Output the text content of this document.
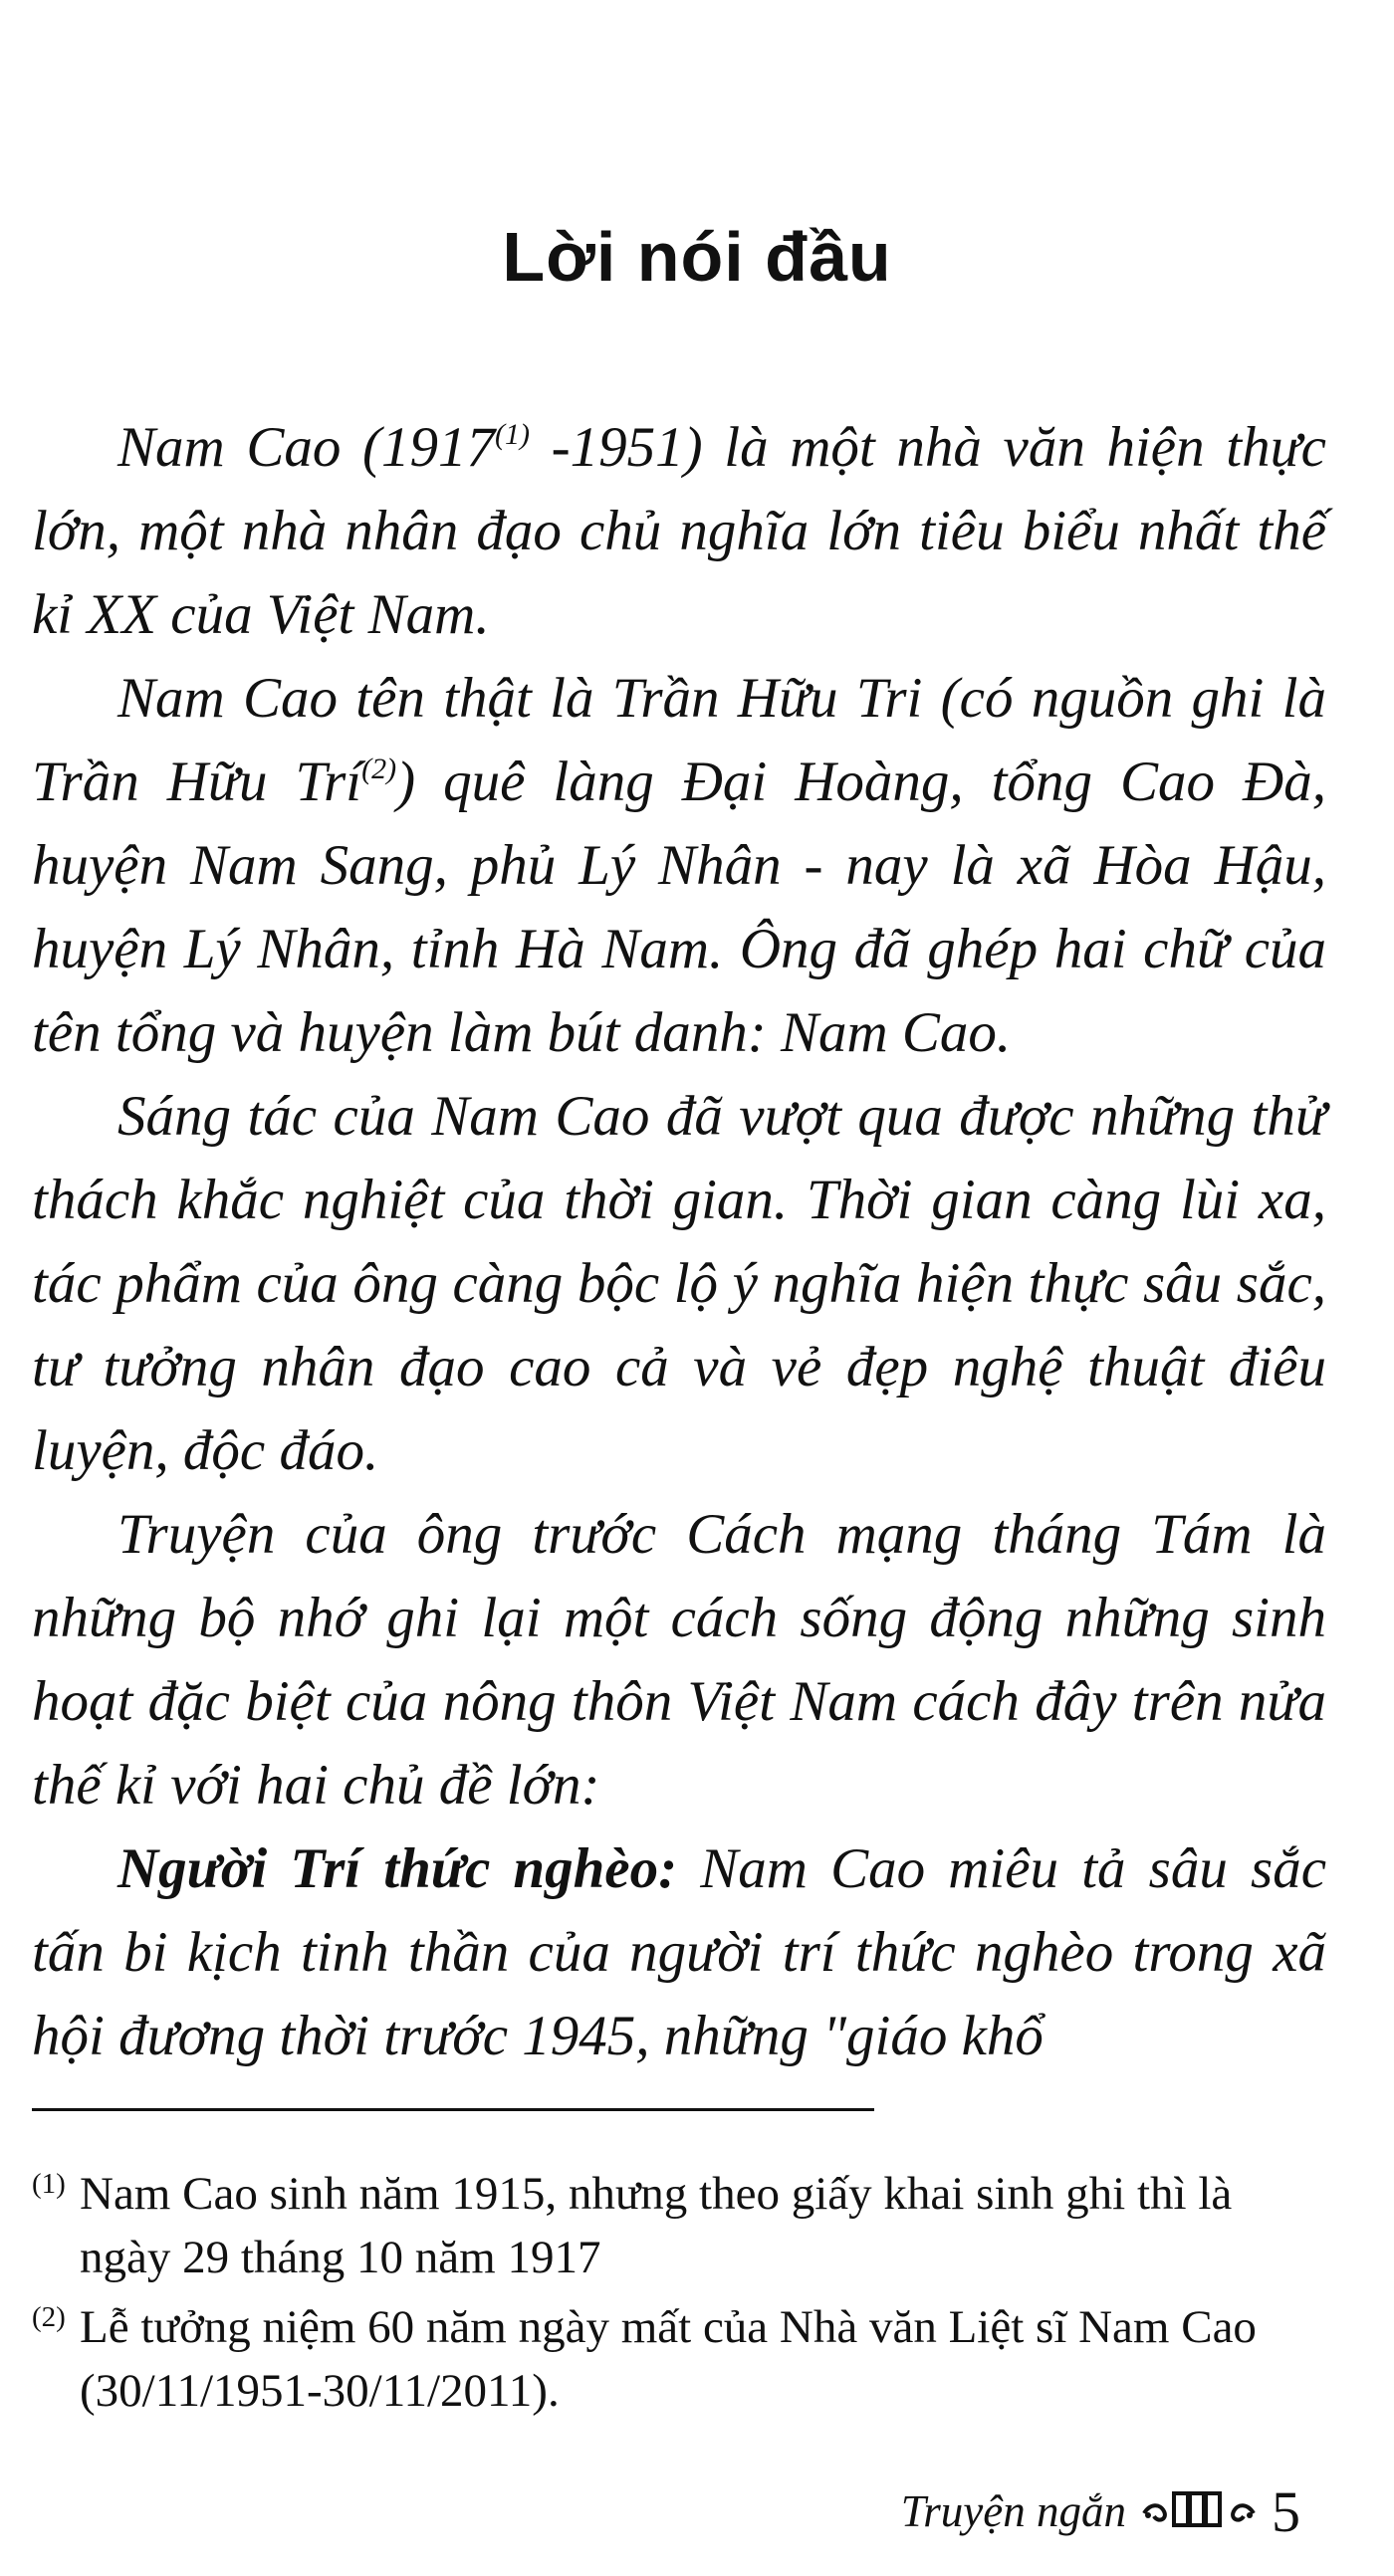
Lời nói đầu

Nam Cao (1917$^{(1)}$ -1951) là một nhà văn hiện thực lớn, một nhà nhân đạo chủ nghĩa lớn tiêu biểu nhất thế kỉ XX của Việt Nam.

Nam Cao tên thật là Trần Hữu Tri (có nguồn ghi là Trần Hữu Trí$^{(2)}$) quê làng Đại Hoàng, tổng Cao Đà, huyện Nam Sang, phủ Lý Nhân - nay là xã Hòa Hậu, huyện Lý Nhân, tỉnh Hà Nam. Ông đã ghép hai chữ của tên tổng và huyện làm bút danh: Nam Cao.

Sáng tác của Nam Cao đã vượt qua được những thử thách khắc nghiệt của thời gian. Thời gian càng lùi xa, tác phẩm của ông càng bộc lộ ý nghĩa hiện thực sâu sắc, tư tưởng nhân đạo cao cả và vẻ đẹp nghệ thuật điêu luyện, độc đáo.

Truyện của ông trước Cách mạng tháng Tám là những bộ nhớ ghi lại một cách sống động những sinh hoạt đặc biệt của nông thôn Việt Nam cách đây trên nửa thế kỉ với hai chủ đề lớn:

Người Trí thức nghèo: Nam Cao miêu tả sâu sắc tấn bi kịch tinh thần của người trí thức nghèo trong xã hội đương thời trước 1945, những "giáo khổ

(1) Nam Cao sinh năm 1915, nhưng theo giấy khai sinh ghi thì là ngày 29 tháng 10 năm 1917
(2) Lễ tưởng niệm 60 năm ngày mất của Nhà văn Liệt sĩ Nam Cao (30/11/1951-30/11/2011).
Truyện ngắn	5
